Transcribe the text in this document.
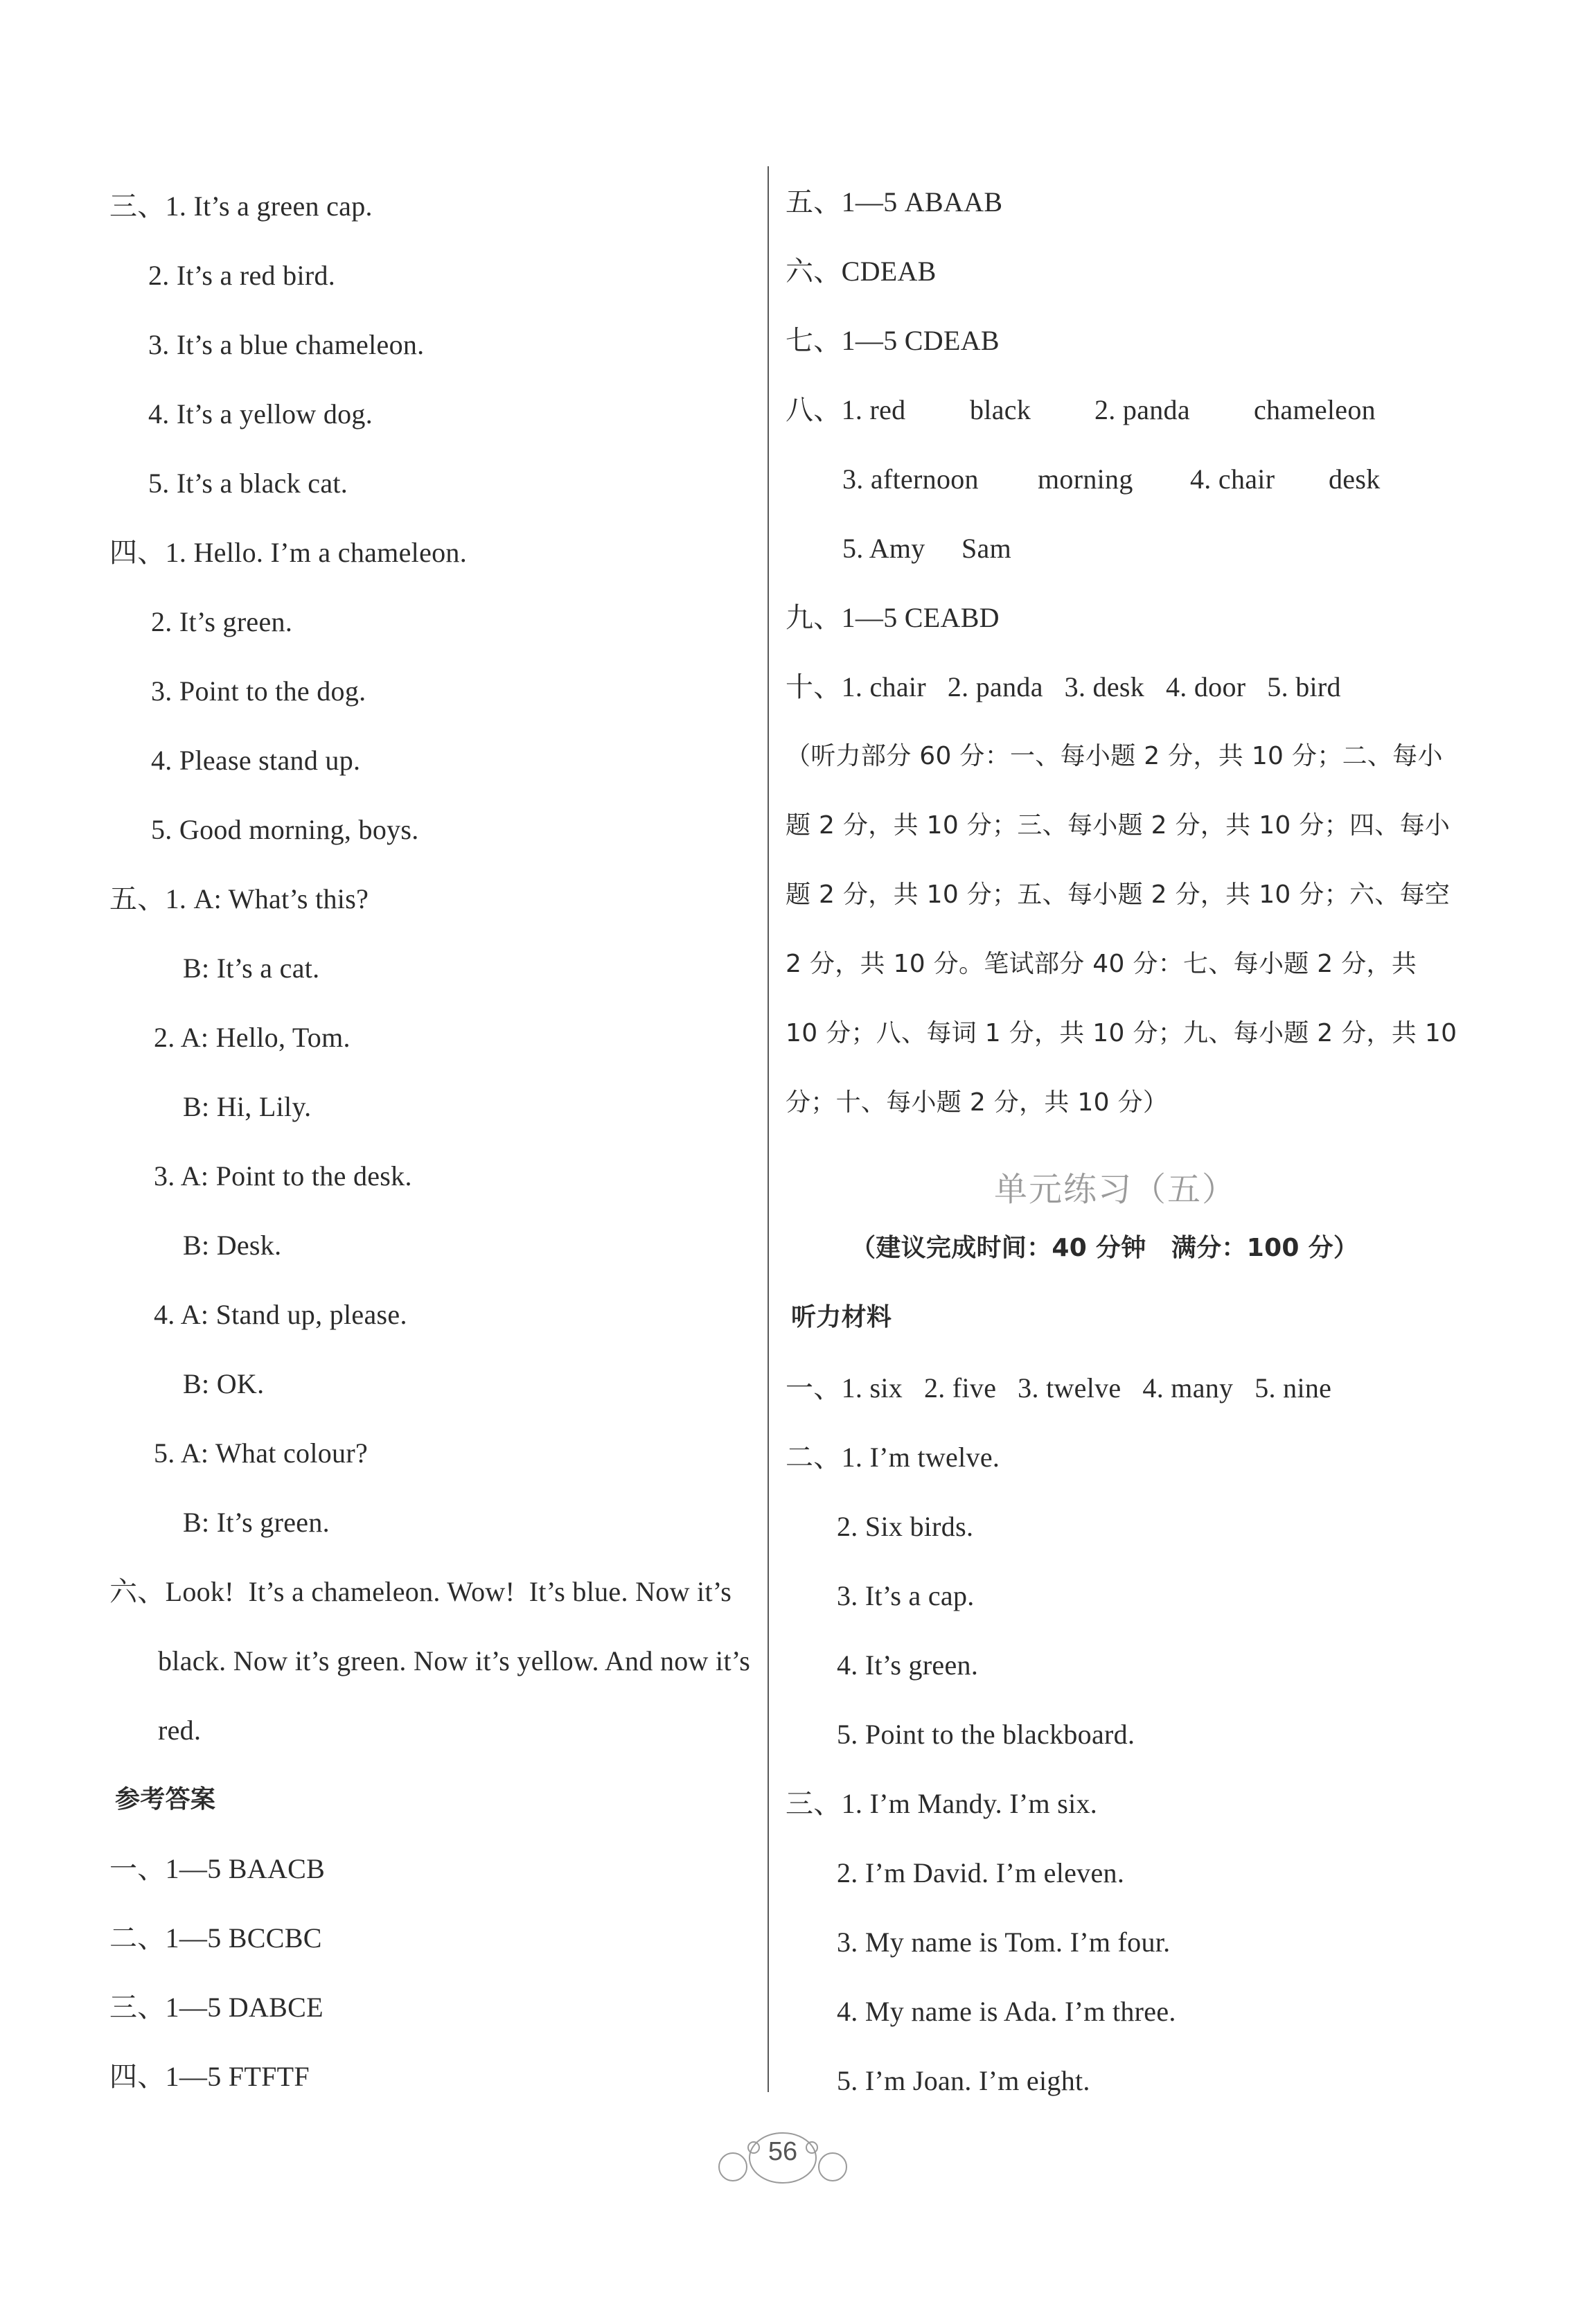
三、1. It’s a green cap.
2. It’s a red bird.
3. It’s a blue chameleon.
4. It’s a yellow dog.
5. It’s a black cat.
四、1. Hello. I’m a chameleon.
2. It’s green.
3. Point to the dog.
4. Please stand up.
5. Good morning, boys.
五、1. A: What’s this?
B: It’s a cat.
2. A: Hello, Tom.
B: Hi, Lily.
3. A: Point to the desk.
B: Desk.
4. A: Stand up, please.
B: OK.
5. A: What colour?
B: It’s green.
六、Look!  It’s a chameleon. Wow!  It’s blue. Now it’s
black. Now it’s green. Now it’s yellow. And now it’s
red.
参考答案
一、1—5 BAACB
二、1—5 BCCBC
三、1—5 DABCE
四、1—5 FTFTF
五、1—5 ABAAB
六、CDEAB
七、1—5 CDEAB
八、1. red black 2. panda chameleon
3. afternoon morning 4. chair desk
5. Amy Sam
九、1—5 CEABD
十、1. chair   2. panda   3. desk   4. door   5. bird
（听力部分 60 分：一、每小题 2 分，共 10 分；二、每小
题 2 分，共 10 分；三、每小题 2 分，共 10 分；四、每小
题 2 分，共 10 分；五、每小题 2 分，共 10 分；六、每空
2 分，共 10 分。笔试部分 40 分：七、每小题 2 分，共
10 分；八、每词 1 分，共 10 分；九、每小题 2 分，共 10
分；十、每小题 2 分，共 10 分）
（建议完成时间：40 分钟　满分：100 分）
听力材料
一、1. six   2. five   3. twelve   4. many   5. nine
二、1. I’m twelve.
2. Six birds.
3. It’s a cap.
4. It’s green.
5. Point to the blackboard.
三、1. I’m Mandy. I’m six.
2. I’m David. I’m eleven.
3. My name is Tom. I’m four.
4. My name is Ada. I’m three.
5. I’m Joan. I’m eight.
单元练习（五）
56
